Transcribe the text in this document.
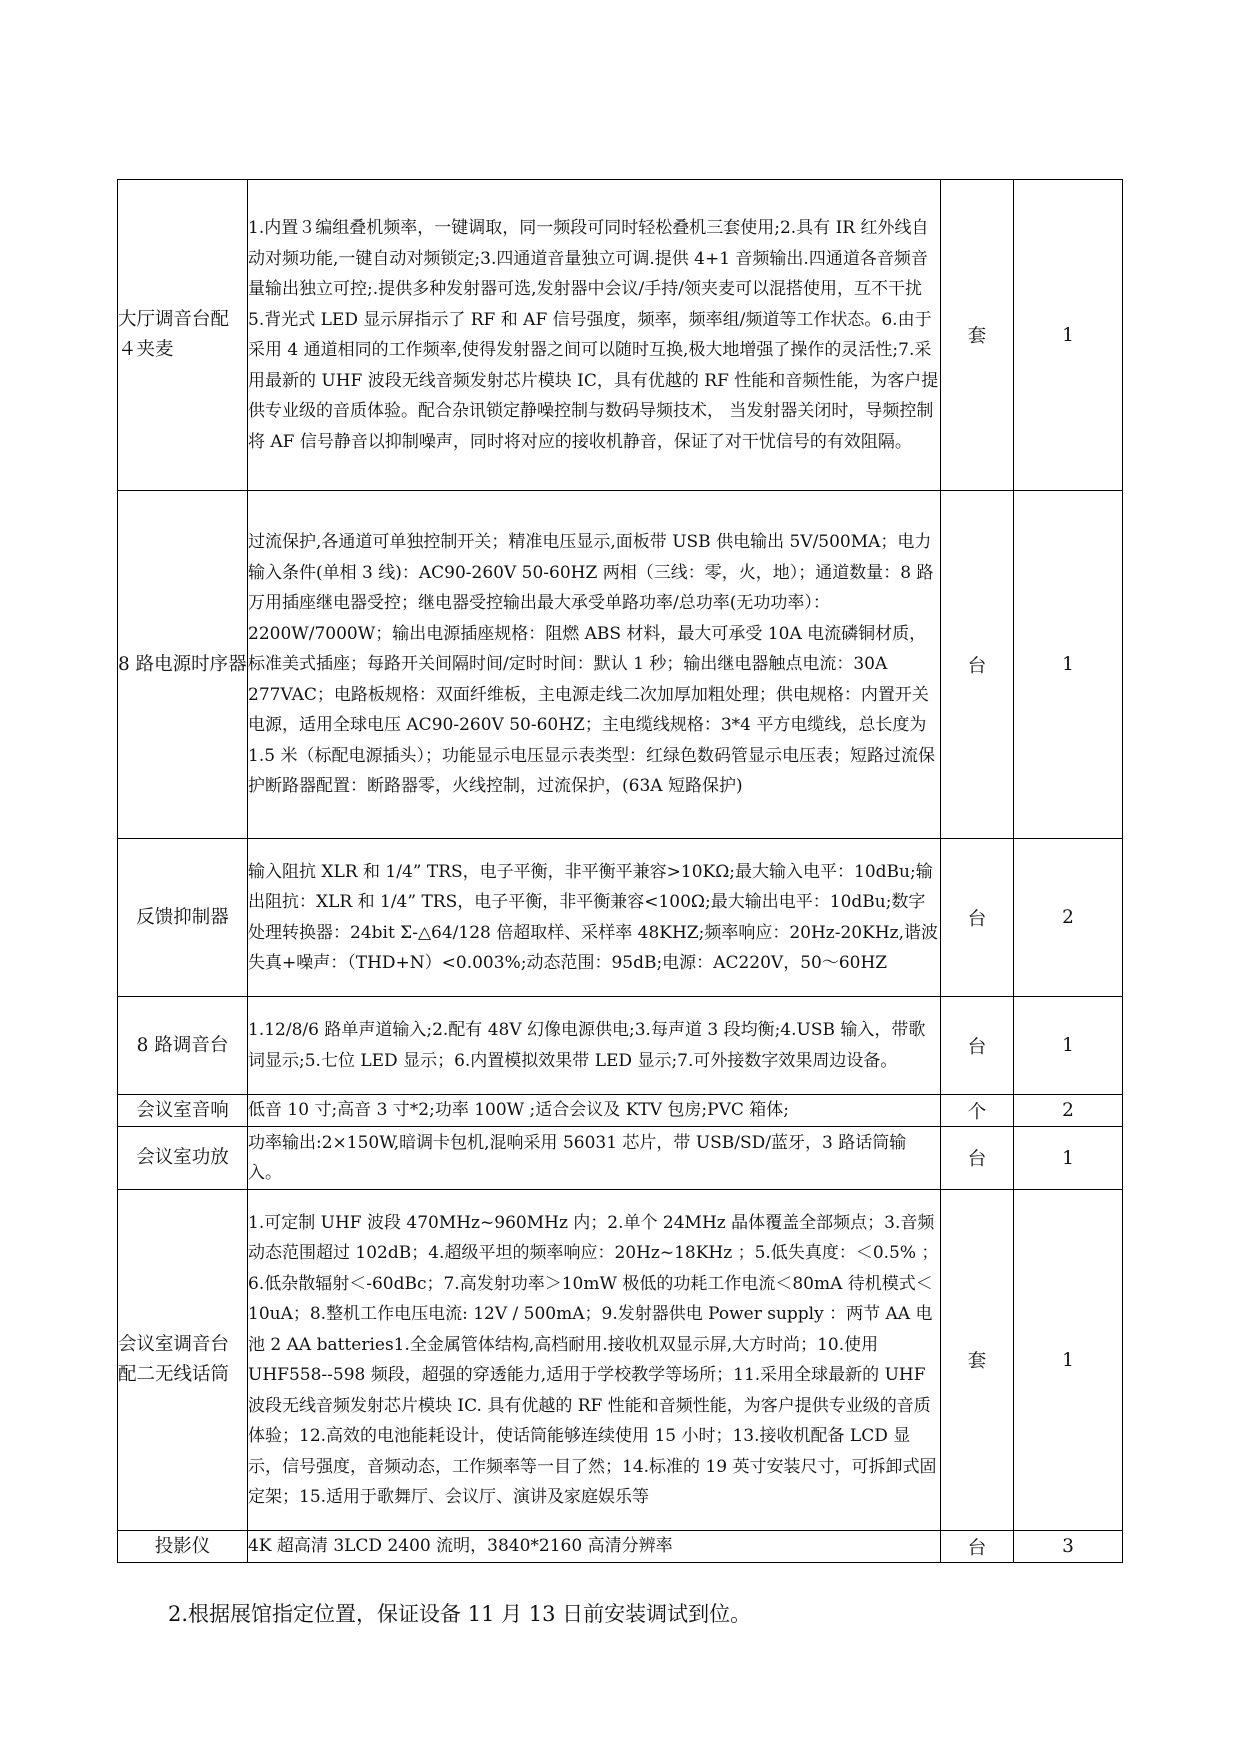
大厅调音台配４夹麦	1.内置３编组叠机频率，一键调取，同一频段可同时轻松叠机三套使用;2.具有 IR 红外线自动对频功能,一键自动对频锁定;3.四通道音量独立可调.提供 4+1 音频输出.四通道各音频音量输出独立可控;.提供多种发射器可选,发射器中会议/手持/领夹麦可以混搭使用，互不干扰 5.背光式 LED 显示屏指示了 RF 和 AF 信号强度，频率，频率组/频道等工作状态。6.由于采用 4 通道相同的工作频率,使得发射器之间可以随时互换,极大地增强了操作的灵活性;7.采用最新的 UHF 波段无线音频发射芯片模块 IC，具有优越的 RF 性能和音频性能，为客户提供专业级的音质体验。配合杂讯锁定静噪控制与数码导频技术， 当发射器关闭时，导频控制将 AF 信号静音以抑制噪声，同时将对应的接收机静音，保证了对干忧信号的有效阻隔。	套	1
8 路电源时序器	过流保护,各通道可单独控制开关；精准电压显示,面板带 USB 供电输出 5V/500MA；电力输入条件(单相 3 线)：AC90-260V 50-60HZ 两相（三线：零，火，地）；通道数量：8 路万用插座继电器受控；继电器受控输出最大承受单路功率/总功率(无功功率）：2200W/7000W；输出电源插座规格：阻燃 ABS 材料，最大可承受 10A 电流磷铜材质，标准美式插座；每路开关间隔时间/定时时间：默认 1 秒；输出继电器触点电流：30A 277VAC；电路板规格：双面纤维板，主电源走线二次加厚加粗处理；供电规格：内置开关电源，适用全球电压 AC90-260V 50-60HZ；主电缆线规格：3*4 平方电缆线，总长度为 1.5 米（标配电源插头）；功能显示电压显示表类型：红绿色数码管显示电压表；短路过流保护断路器配置：断路器零，火线控制，过流保护，(63A 短路保护)	台	1
反馈抑制器	输入阻抗 XLR 和 1/4” TRS，电子平衡，非平衡平兼容>10KΩ;最大输入电平：10dBu;输出阻抗：XLR 和 1/4” TRS，电子平衡，非平衡兼容<100Ω;最大输出电平：10dBu;数字处理转换器：24bit Σ-△64/128 倍超取样、采样率 48KHZ;频率响应：20Hz-20KHz,谐波失真+噪声：（THD+N）<0.003%;动态范围：95dB;电源：AC220V，50～60HZ	台	2
8 路调音台	1.12/8/6 路单声道输入;2.配有 48V 幻像电源供电;3.每声道 3 段均衡;4.USB 输入，带歌词显示;5.七位 LED 显示；6.内置模拟效果带 LED 显示;7.可外接数字效果周边设备。	台	1
会议室音响	低音 10 寸;高音 3 寸*2;功率 100W ;适合会议及 KTV 包房;PVC 箱体;	个	2
会议室功放	功率输出:2×150W,暗调卡包机,混响采用 56031 芯片，带 USB/SD/蓝牙，3 路话筒输入。	台	1
会议室调音台配二无线话筒	1.可定制 UHF 波段 470MHz~960MHz 内；2.单个 24MHz 晶体覆盖全部频点；3.音频动态范围超过 102dB；4.超级平坦的频率响应：20Hz~18KHz ；5.低失真度：＜0.5% ；6.低杂散辐射＜-60dBc；7.高发射功率＞10mW 极低的功耗工作电流＜80mA 待机模式＜10uA；8.整机工作电压电流: 12V / 500mA；9.发射器供电 Power supply ：两节 AA 电池 2 AA batteries1.全金属管体结构,高档耐用.接收机双显示屏,大方时尚；10.使用 UHF558--598 频段，超强的穿透能力,适用于学校教学等场所；11.采用全球最新的 UHF 波段无线音频发射芯片模块 IC. 具有优越的 RF 性能和音频性能，为客户提供专业级的音质体验；12.高效的电池能耗设计，使话筒能够连续使用 15 小时；13.接收机配备 LCD 显示，信号强度，音频动态，工作频率等一目了然；14.标准的 19 英寸安装尺寸，可拆卸式固定架；15.适用于歌舞厅、会议厅、演讲及家庭娱乐等	套	1
投影仪	4K 超高清 3LCD 2400 流明，3840*2160 高清分辨率	台	3
2.根据展馆指定位置，保证设备 11 月 13 日前安装调试到位。
